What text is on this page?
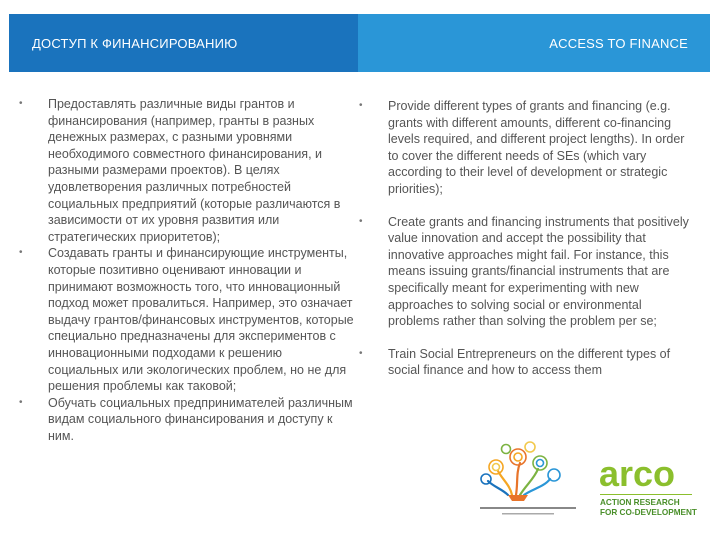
ДОСТУП К ФИНАНСИРОВАНИЮ	ACCESS TO FINANCE
• Предоставлять различные виды грантов и финансирования (например, гранты в разных денежных размерах, с разными уровнями необходимого совместного финансирования, и разными размерами проектов). В целях удовлетворения различных потребностей социальных предприятий (которые различаются в зависимости от их уровня развития или стратегических приоритетов);
• Создавать гранты и финансирующие инструменты, которые позитивно оценивают инновации и принимают возможность того, что инновационный подход может провалиться. Например, это означает выдачу грантов/финансовых инструментов, которые специально предназначены для экспериментов с инновационными подходами к решению социальных или экологических проблем, но не для решения проблемы как таковой;
• Обучать социальных предпринимателей различным видам социального финансирования и доступу к ним.
• Provide different types of grants and financing (e.g. grants with different amounts, different co-financing levels required, and different project lengths). In order to cover the different needs of SEs (which vary according to their level of development or strategic priorities);
• Create grants and financing instruments that positively value innovation and accept the possibility that innovative approaches might fail. For instance, this means issuing grants/financial instruments that are specifically meant for experimenting with new approaches to solving social or environmental problems rather than solving the problem per se;
• Train Social Entrepreneurs on the different types of social finance and how to access them
arco
ACTION RESEARCH
FOR CO-DEVELOPMENT
